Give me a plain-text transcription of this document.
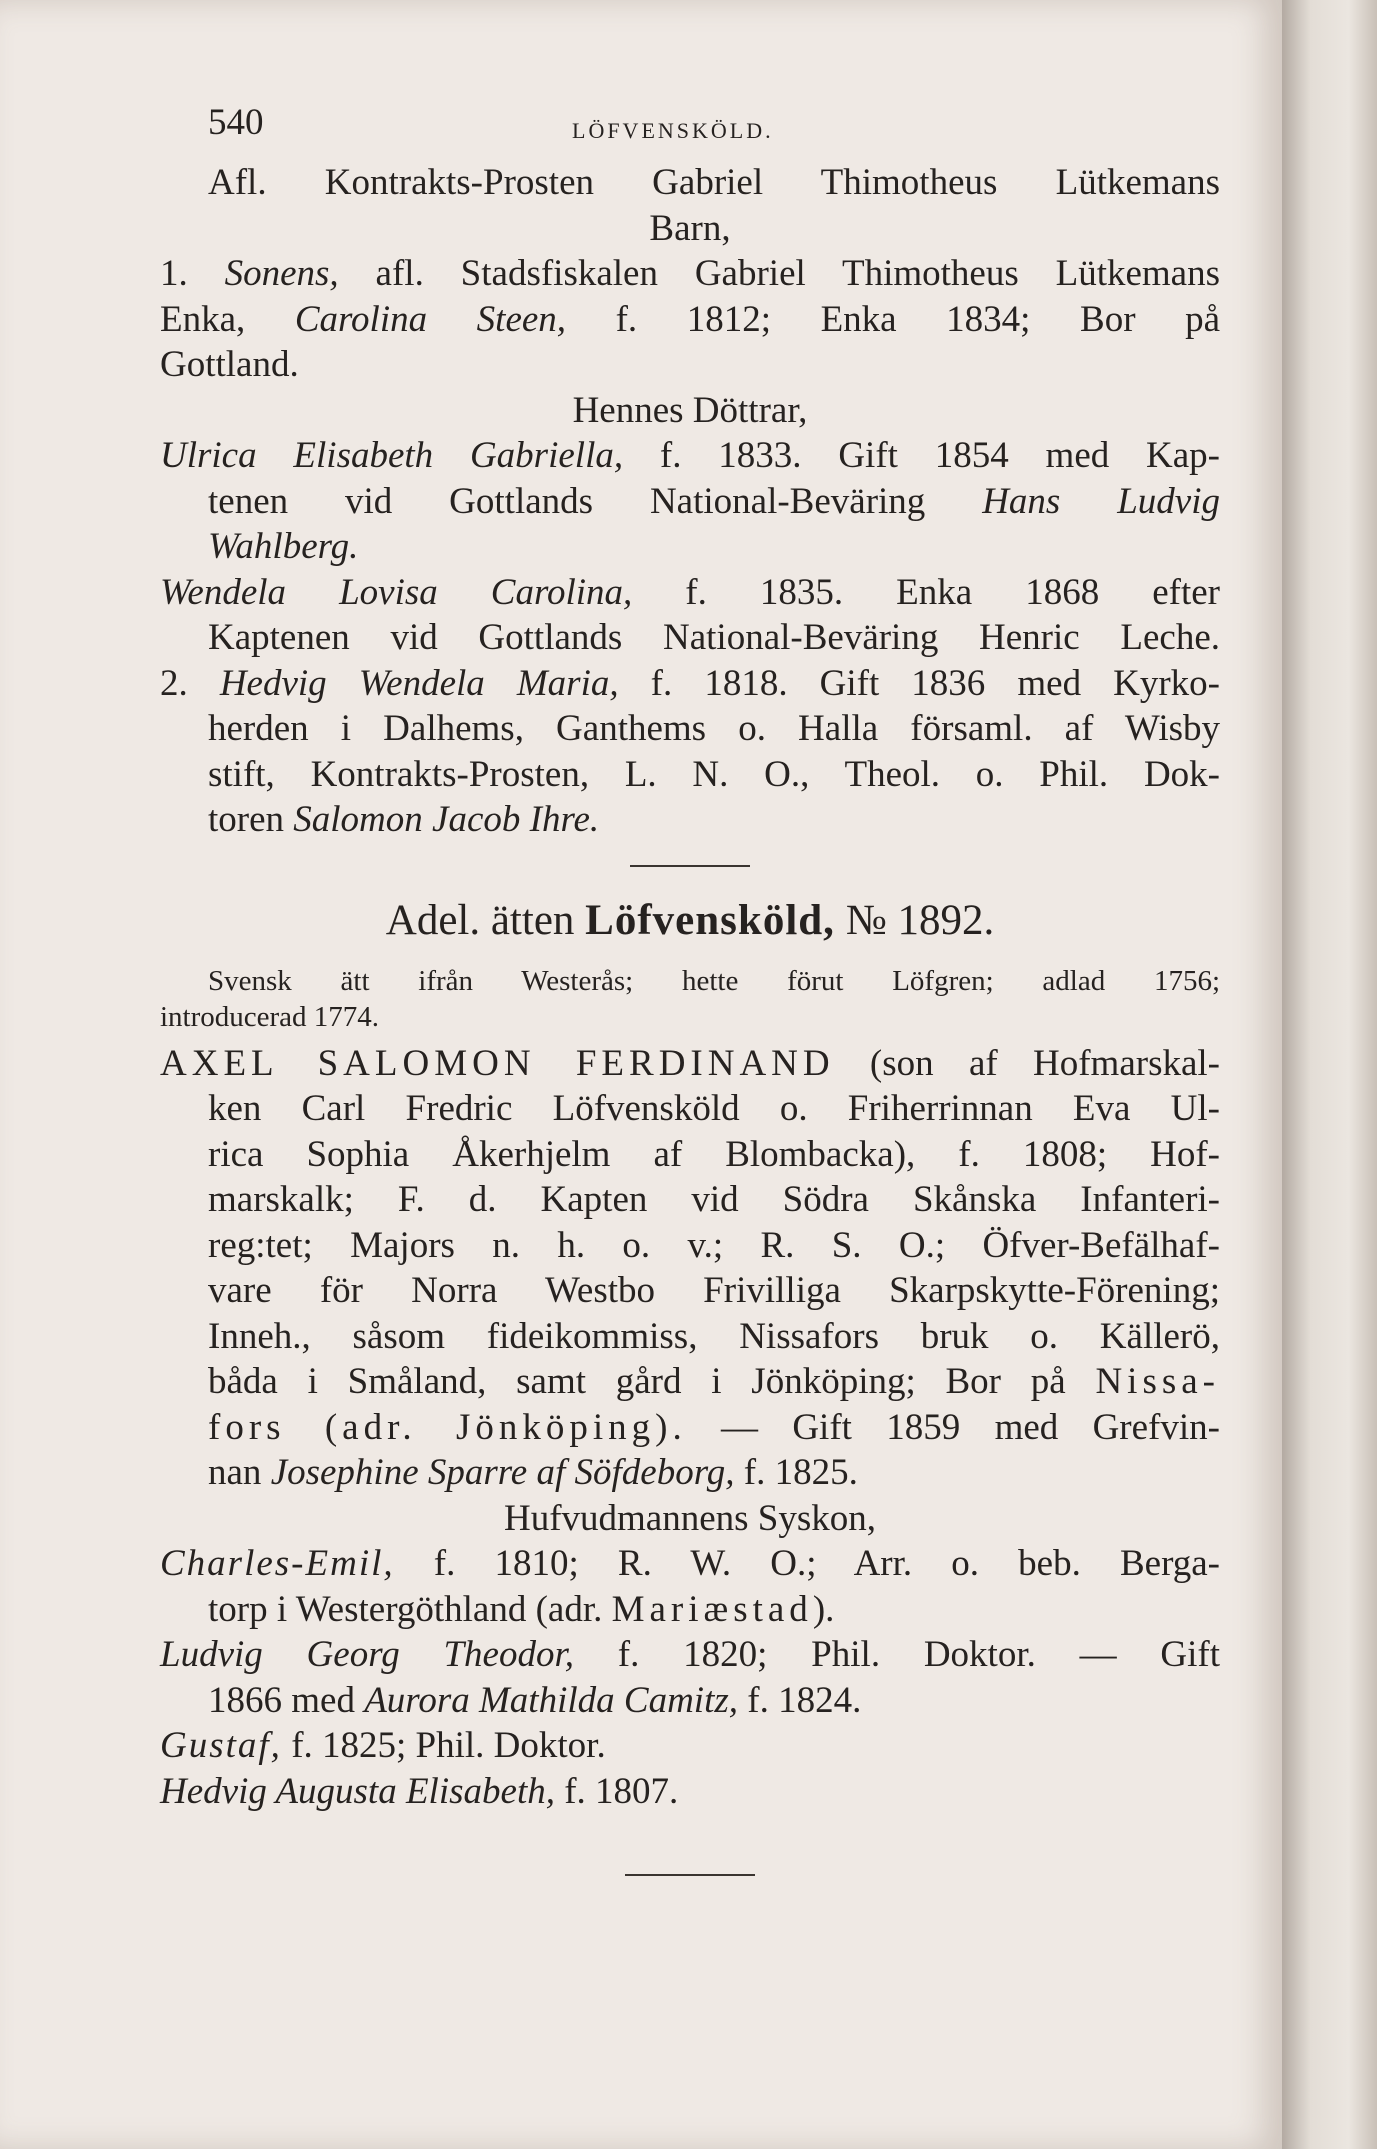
540	LÖFVENSKÖLD.
Afl. Kontrakts-Prosten Gabriel Thimotheus Lütkemans
Barn,
1. Sonens, afl. Stadsfiskalen Gabriel Thimotheus Lütkemans
Enka, Carolina Steen, f. 1812; Enka 1834; Bor på
Gottland.
Hennes Döttrar,
Ulrica Elisabeth Gabriella, f. 1833. Gift 1854 med Kap-
tenen vid Gottlands National-Beväring Hans Ludvig
Wahlberg.
Wendela Lovisa Carolina, f. 1835. Enka 1868 efter
Kaptenen vid Gottlands National-Beväring Henric Leche.
2. Hedvig Wendela Maria, f. 1818. Gift 1836 med Kyrko-
herden i Dalhems, Ganthems o. Halla församl. af Wisby
stift, Kontrakts-Prosten, L. N. O., Theol. o. Phil. Dok-
toren Salomon Jacob Ihre.
Adel. ätten Löfvensköld, № 1892.
Svensk ätt ifrån Westerås; hette förut Löfgren; adlad 1756;
introducerad 1774.
AXEL SALOMON FERDINAND (son af Hofmarskal-
ken Carl Fredric Löfvensköld o. Friherrinnan Eva Ul-
rica Sophia Åkerhjelm af Blombacka), f. 1808; Hof-
marskalk; F. d. Kapten vid Södra Skånska Infanteri-
reg:tet; Majors n. h. o. v.; R. S. O.; Öfver-Befälhaf-
vare för Norra Westbo Frivilliga Skarpskytte-Förening;
Inneh., såsom fideikommiss, Nissafors bruk o. Källerö,
båda i Småland, samt gård i Jönköping; Bor på Nissa-
fors (adr. Jönköping). — Gift 1859 med Grefvin-
nan Josephine Sparre af Söfdeborg, f. 1825.
Hufvudmannens Syskon,
Charles-Emil, f. 1810; R. W. O.; Arr. o. beb. Berga-
torp i Westergöthland (adr. Mariæstad).
Ludvig Georg Theodor, f. 1820; Phil. Doktor. — Gift
1866 med Aurora Mathilda Camitz, f. 1824.
Gustaf, f. 1825; Phil. Doktor.
Hedvig Augusta Elisabeth, f. 1807.
